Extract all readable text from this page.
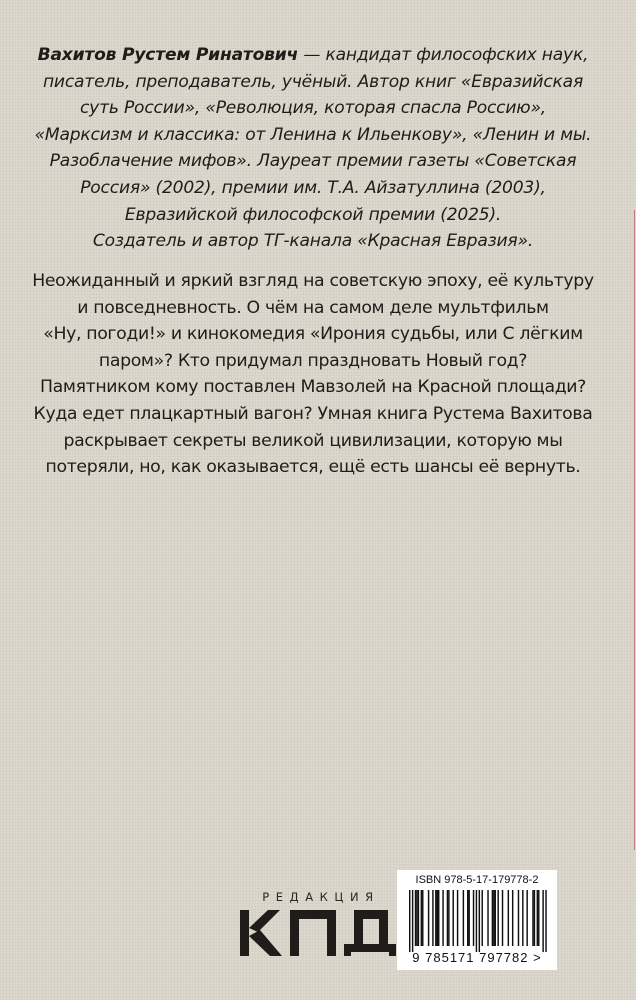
Вахитов Рустем Ринатович — кандидат философских наук,
писатель, преподаватель, учёный. Автор книг «Евразийская
суть России», «Революция, которая спасла Россию»,
«Марксизм и классика: от Ленина к Ильенкову», «Ленин и мы.
Разоблачение мифов». Лауреат премии газеты «Советская
Россия» (2002), премии им. Т.А. Айзатуллина (2003),
Евразийской философской премии (2025).
Создатель и автор ТГ-канала «Красная Евразия».

Неожиданный и яркий взгляд на советскую эпоху, её культуру
и повседневность. О чём на самом деле мультфильм
«Ну, погоди!» и кинокомедия «Ирония судьбы, или С лёгким
паром»? Кто придумал праздновать Новый год?
Памятником кому поставлен Мавзолей на Красной площади?
Куда едет плацкартный вагон? Умная книга Рустема Вахитова
раскрывает секреты великой цивилизации, которую мы
потеряли, но, как оказывается, ещё есть шансы её вернуть.

РЕДАКЦИЯ
КПД
ISBN 978-5-17-179778-2
9 785171 797782 >
